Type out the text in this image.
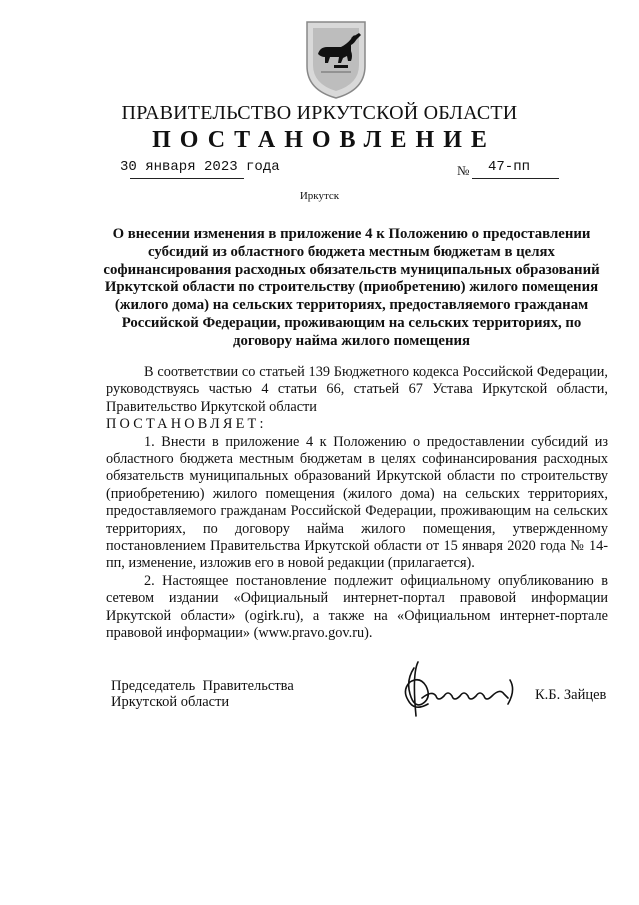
ПРАВИТЕЛЬСТВО ИРКУТСКОЙ ОБЛАСТИ
ПОСТАНОВЛЕНИЕ
30 января 2023 года	№ 47-пп
Иркутск
О внесении изменения в приложение 4 к Положению о предоставлении субсидий из областного бюджета местным бюджетам в целях софинансирования расходных обязательств муниципальных образований Иркутской области по строительству (приобретению) жилого помещения (жилого дома) на сельских территориях, предоставляемого гражданам Российской Федерации, проживающим на сельских территориях, по договору найма жилого помещения

В соответствии со статьей 139 Бюджетного кодекса Российской Федерации, руководствуясь частью 4 статьи 66, статьей 67 Устава Иркутской области, Правительство Иркутской области

ПОСТАНОВЛЯЕТ:

1. Внести в приложение 4 к Положению о предоставлении субсидий из областного бюджета местным бюджетам в целях софинансирования расходных обязательств муниципальных образований Иркутской области по строительству (приобретению) жилого помещения (жилого дома) на сельских территориях, предоставляемого гражданам Российской Федерации, проживающим на сельских территориях, по договору найма жилого помещения, утвержденному постановлением Правительства Иркутской области от 15 января 2020 года № 14-пп, изменение, изложив его в новой редакции (прилагается).

2. Настоящее постановление подлежит официальному опубликованию в сетевом издании «Официальный интернет-портал правовой информации Иркутской области» (ogirk.ru), а также на «Официальном интернет-портале правовой информации» (www.pravo.gov.ru).

Председатель  Правительства
Иркутской области	К.Б. Зайцев
